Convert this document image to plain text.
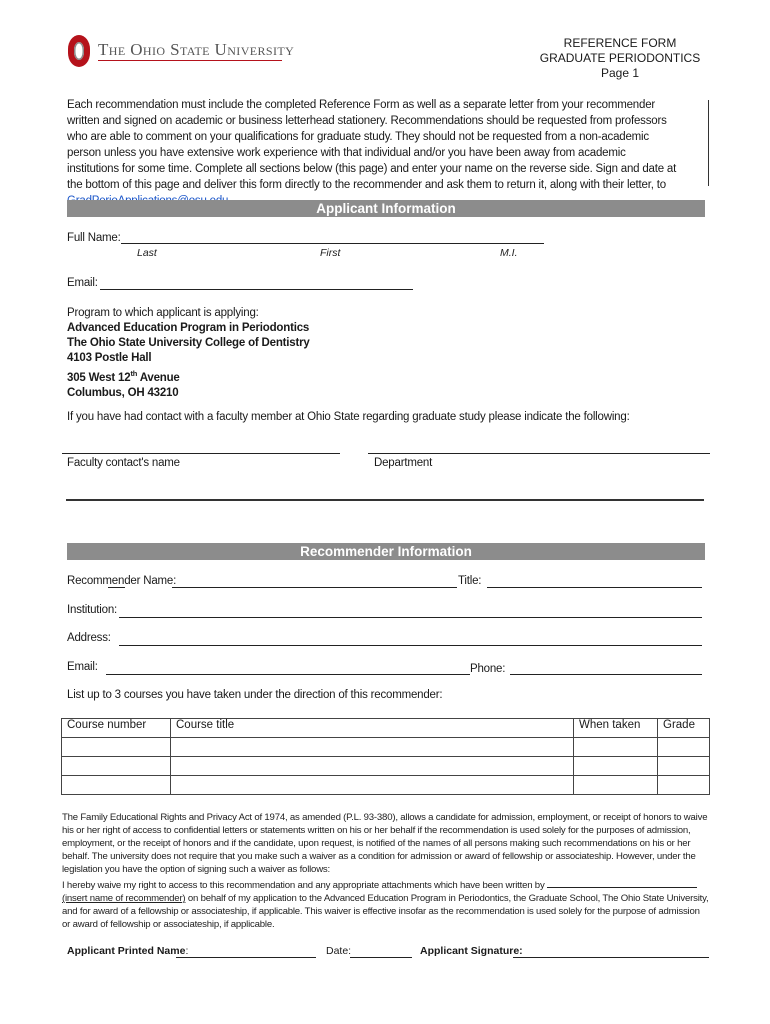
The Ohio State University	REFERENCE FORM
GRADUATE PERIODONTICS
Page 1
Each recommendation must include the completed Reference Form as well as a separate letter from your recommender written and signed on academic or business letterhead stationery. Recommendations should be requested from professors who are able to comment on your qualifications for graduate study. They should not be requested from a non-academic person unless you have extensive work experience with that individual and/or you have been away from academic institutions for some time. Complete all sections below (this page) and enter your name on the reverse side. Sign and date at the bottom of this page and deliver this form directly to the recommender and ask them to return it, along with their letter, to
Applicant Information
Full Name:
Last	First	M.I.
Email:
Program to which applicant is applying:
Advanced Education Program in Periodontics
The Ohio State University College of Dentistry
4103 Postle Hall
305 West 12th Avenue
Columbus, OH 43210
If you have had contact with a faculty member at Ohio State regarding graduate study please indicate the following:
Faculty contact's name	Department
Recommender Information
Recommender Name:	Title:
Institution:
Address:
Email:	Phone:
List up to 3 courses you have taken under the direction of this recommender:
Course number	Course title	When taken	Grade

The Family Educational Rights and Privacy Act of 1974, as amended (P.L. 93-380), allows a candidate for admission, employment, or receipt of honors to waive his or her right of access to confidential letters or statements written on his or her behalf if the recommendation is used solely for the purposes of admission, employment, or the receipt of honors and if the candidate, upon request, is notified of the names of all persons making such recommendations on his or her behalf. The university does not require that you make such a waiver as a condition for admission or award of fellowship or associateship. However, under the legislation you have the option of signing such a waiver as follows:
I hereby waive my right to access to this recommendation and any appropriate attachments which have been written by
(insert name of recommender) on behalf of my application to the Advanced Education Program in Periodontics, the Graduate School, The Ohio State University, and for award of a fellowship or associateship, if applicable. This waiver is effective insofar as the recommendation is used solely for the purpose of admission or award of fellowship or associateship, if applicable.
Applicant Printed Name:	Date:	Applicant Signature:
